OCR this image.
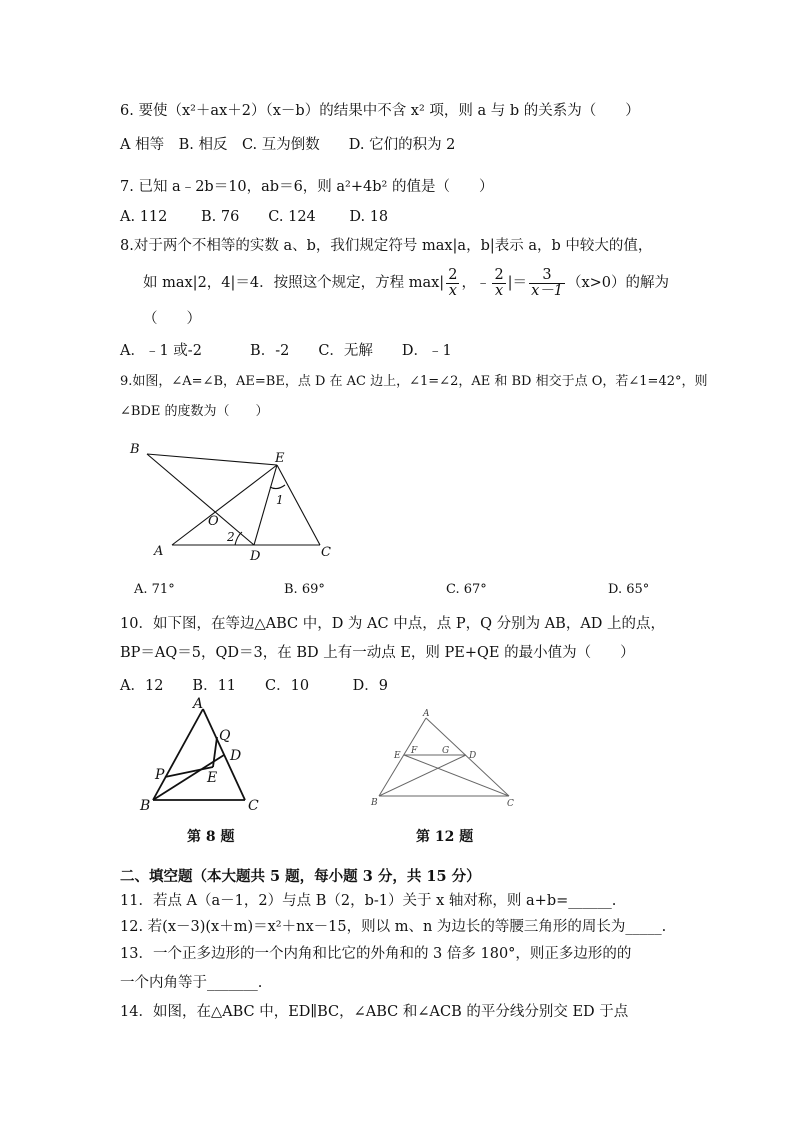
6. 要使（x²＋ax＋2）（x－b）的结果中不含 x² 项，则 a 与 b 的关系为（　　）
A 相等　B. 相反　C. 互为倒数　　D. 它们的积为 2
7. 已知 a﹣2b＝10，ab＝6，则 a²+4b² 的值是（　　）
A. 112　　 B. 76　　C. 124　　 D. 18
8.对于两个不相等的实数 a、b，我们规定符号 max|a，b|表示 a，b 中较大的值，
如 max|2，4|＝4．按照这个规定，方程 $\max| \frac{2}{x}$ ，﹣ $\frac{2}{x}$ |＝ $\frac{3}{x-1} (x>0)$的解为
（　　）
A．﹣1 或-2　　　 B．-2　　C．无解　　D．﹣1
9.如图，∠A=∠B，AE=BE，点 D 在 AC 边上，∠1=∠2，AE 和 BD 相交于点 O，若∠1=42°，则
∠BDE 的度数为（　　）
B
E
O
A	D	C
1
2
A. 71°	B. 69°	C. 67°	D. 65°
10．如下图，在等边△ABC 中，D 为 AC 中点，点 P，Q 分别为 AB，AD 上的点，
BP＝AQ＝5，QD＝3，在 BD 上有一动点 E，则 PE+QE 的最小值为（　　）
A．12　　B．11　　C．10　　　D．9
A
Q
D
P	E
B	C
A
E F	G D
B	C
第 8 题	第 12 题
二、填空题（本大题共 5 题，每小题 3 分，共 15 分）
11．若点 A（a－1，2）与点 B（2，b-1）关于 x 轴对称，则 a+b=______.
12. 若(x－3)(x＋m)＝x²＋nx－15，则以 m、n 为边长的等腰三角形的周长为_____.
13．一个正多边形的一个内角和比它的外角和的 3 倍多 180°，则正多边形的的
一个内角等于_______.
14．如图，在△ABC 中，ED∥BC，∠ABC 和∠ACB 的平分线分别交 ED 于点
